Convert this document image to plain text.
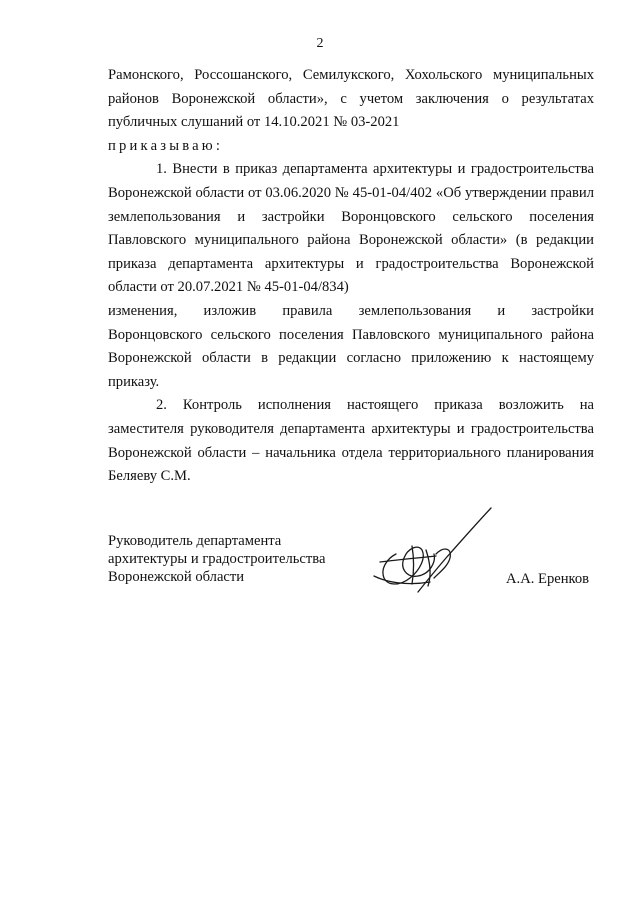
2

Рамонского, Россошанского, Семилукского, Хохольского муниципальных районов Воронежской области», с учетом заключения о результатах публичных слушаний от 14.10.2021 № 03-2021

приказываю:

1. Внести в приказ департамента архитектуры и градостроительства Воронежской области от 03.06.2020 № 45-01-04/402 «Об утверждении правил землепользования и застройки Воронцовского сельского поселения Павловского муниципального района Воронежской области» (в редакции приказа департамента архитектуры и градостроительства Воронежской области от 20.07.2021 № 45-01-04/834)

изменения, изложив правила землепользования и застройки

Воронцовского сельского поселения Павловского муниципального района Воронежской области в редакции согласно приложению к настоящему приказу.

2. Контроль исполнения настоящего приказа возложить на заместителя руководителя департамента архитектуры и градостроительства Воронежской области – начальника отдела территориального планирования Беляеву С.М.

Руководитель департамента
архитектуры и градостроительства
Воронежской области	А.А. Еренков
